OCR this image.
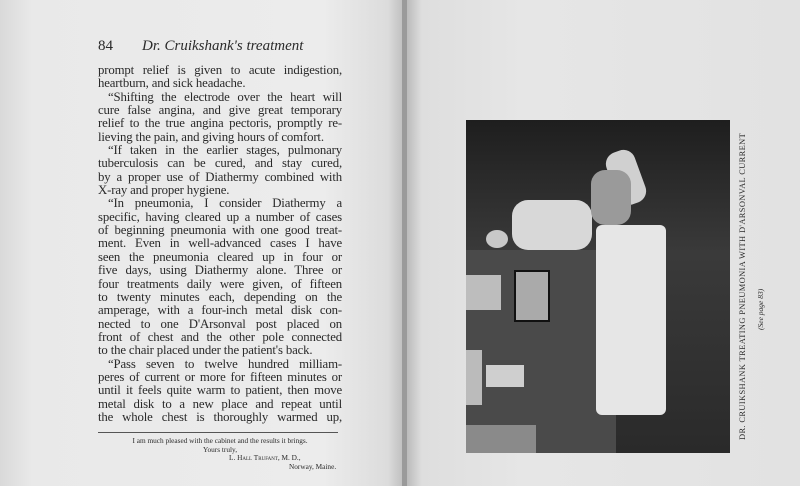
84 Dr. Cruikshank's treatment
prompt relief is given to acute indigestion,
heartburn, and sick headache.
“Shifting the electrode over the heart will
cure false angina, and give great temporary
relief to the true angina pectoris, promptly re-
lieving the pain, and giving hours of comfort.
“If taken in the earlier stages, pulmonary
tuberculosis can be cured, and stay cured,
by a proper use of Diathermy combined with
X-ray and proper hygiene.
“In pneumonia, I consider Diathermy a
specific, having cleared up a number of cases
of beginning pneumonia with one good treat-
ment. Even in well-advanced cases I have
seen the pneumonia cleared up in four or
five days, using Diathermy alone. Three or
four treatments daily were given, of fifteen
to twenty minutes each, depending on the
amperage, with a four-inch metal disk con-
nected to one D'Arsonval post placed on
front of chest and the other pole connected
to the chair placed under the patient's back.
“Pass seven to twelve hundred milliam-
peres of current or more for fifteen minutes or
until it feels quite warm to patient, then move
metal disk to a new place and repeat until
the whole chest is thoroughly warmed up,
I am much pleased with the cabinet and the results it brings.
Yours truly,
L. Hall Trufant, M. D.,
Norway, Maine.
DR. CRUIKSHANK TREATING PNEUMONIA WITH D'ARSONVAL CURRENT (See page 83)
